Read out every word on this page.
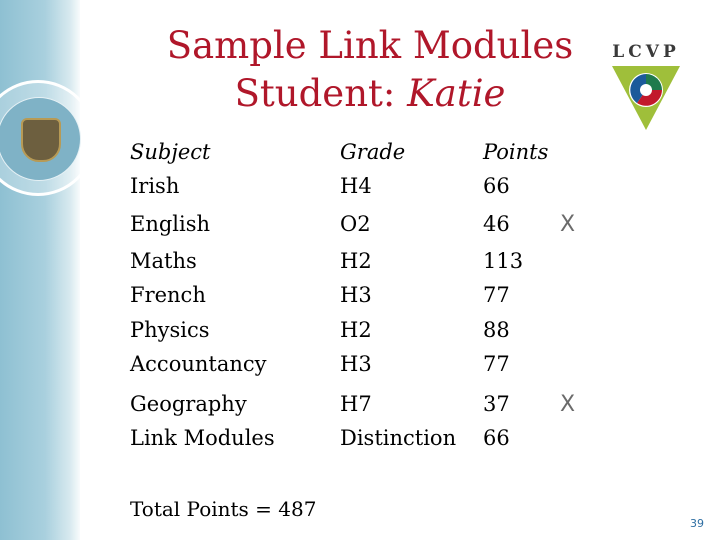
Sample Link Modules
Student: Katie
LCVP
Subject	Grade	Points
Irish	H4	66
English	O2	46 X
Maths	H2	113
French	H3	77
Physics	H2	88
Accountancy	H3	77
Geography	H7	37 X
Link Modules	Distinction 66
Total Points = 487
39
